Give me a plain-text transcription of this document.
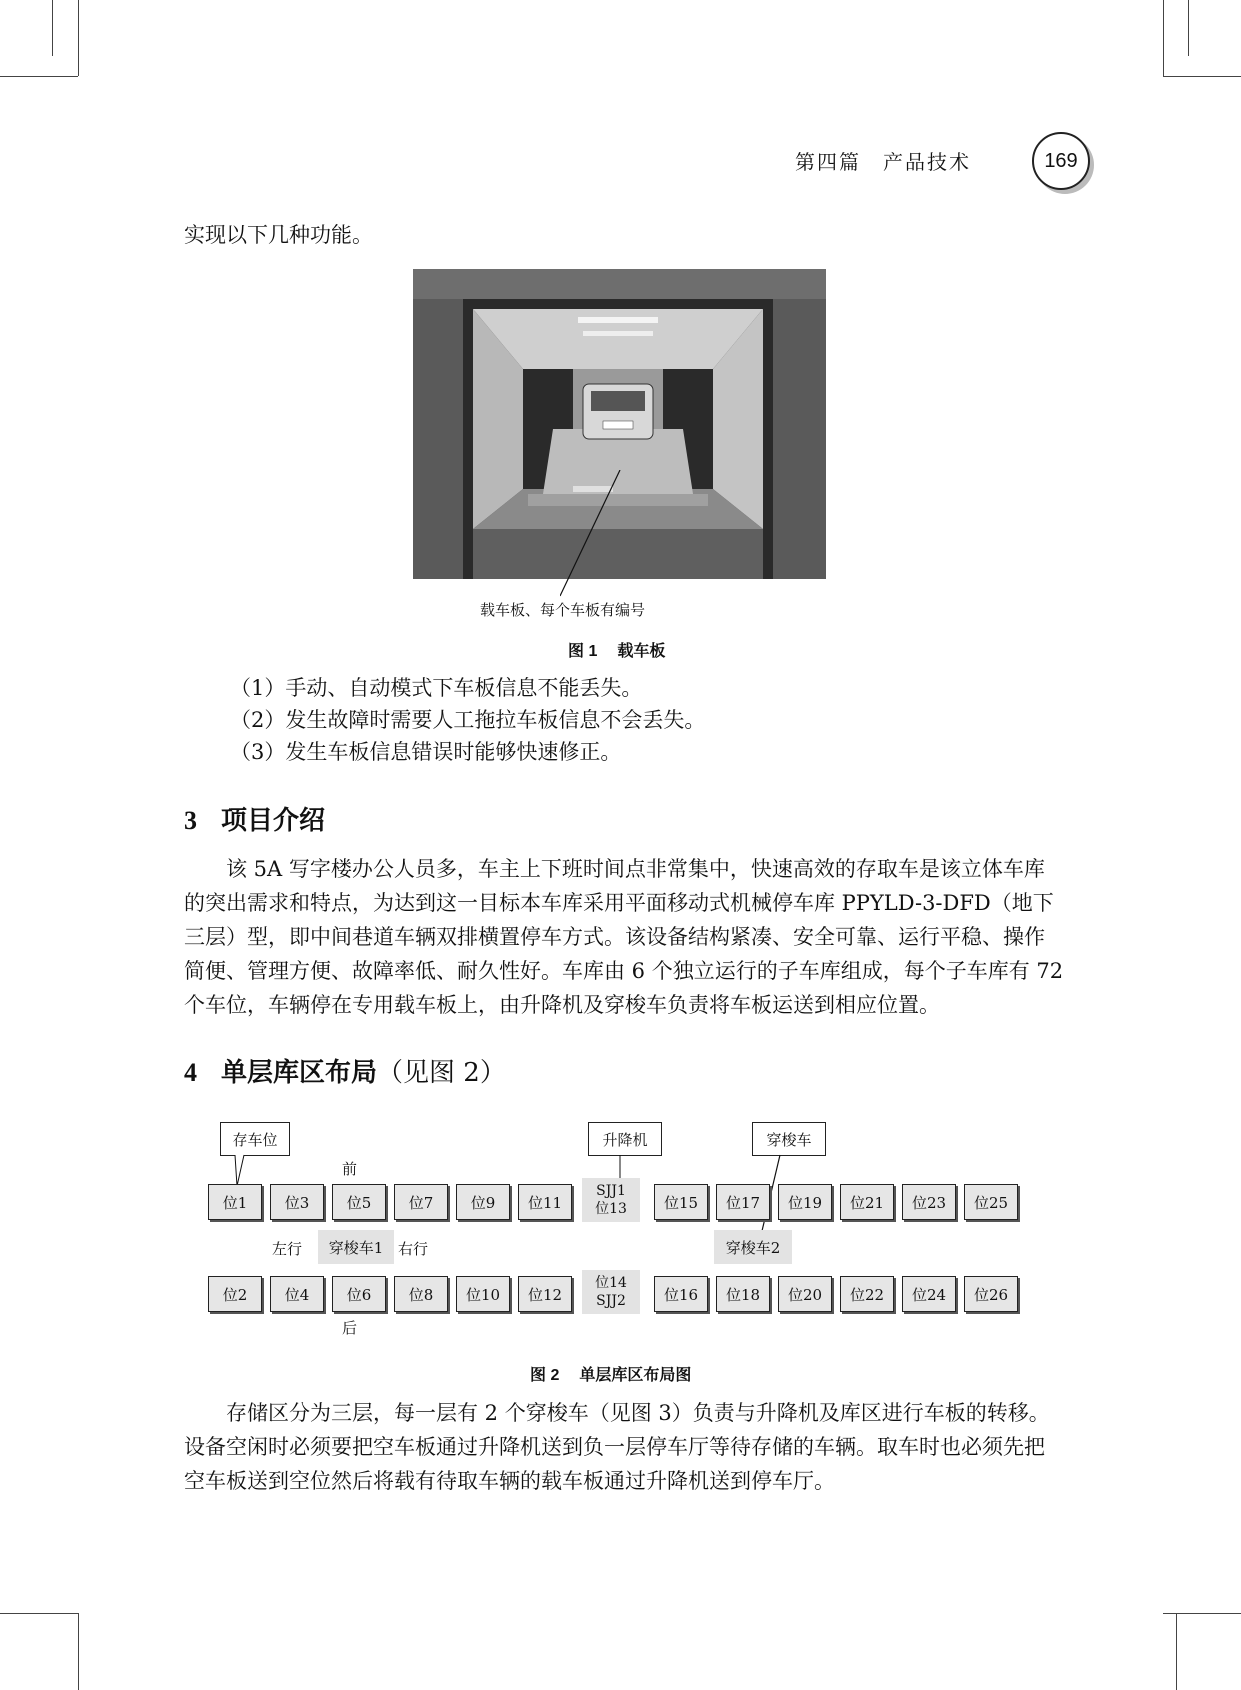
第四篇　产品技术	169
实现以下几种功能。
载车板、每个车板有编号
图 1 载车板
（1）手动、自动模式下车板信息不能丢失。
（2）发生故障时需要人工拖拉车板信息不会丢失。
（3）发生车板信息错误时能够快速修正。
3 项目介绍
该 5A 写字楼办公人员多，车主上下班时间点非常集中，快速高效的存取车是该立体车库的突出需求和特点，为达到这一目标本车库采用平面移动式机械停车库 PPYLD-3-DFD（地下三层）型，即中间巷道车辆双排横置停车方式。该设备结构紧凑、安全可靠、运行平稳、操作简便、管理方便、故障率低、耐久性好。车库由 6 个独立运行的子车库组成，每个子车库有 72 个车位，车辆停在专用载车板上，由升降机及穿梭车负责将车板运送到相应位置。
4 单层库区布局（见图 2）
存车位	升降机	穿梭车
前
位1	位3	位5	位7	位9	位11
SJJ1
位13	位15	位17	位19	位21	位23	位25
左行	穿梭车1 右行	穿梭车2
位2	位4	位6	位8	位10	位12
位14
SJJ2	位16	位18	位20	位22	位24	位26
后
图 2 单层库区布局图
存储区分为三层，每一层有 2 个穿梭车（见图 3）负责与升降机及库区进行车板的转移。设备空闲时必须要把空车板通过升降机送到负一层停车厅等待存储的车辆。取车时也必须先把空车板送到空位然后将载有待取车辆的载车板通过升降机送到停车厅。
